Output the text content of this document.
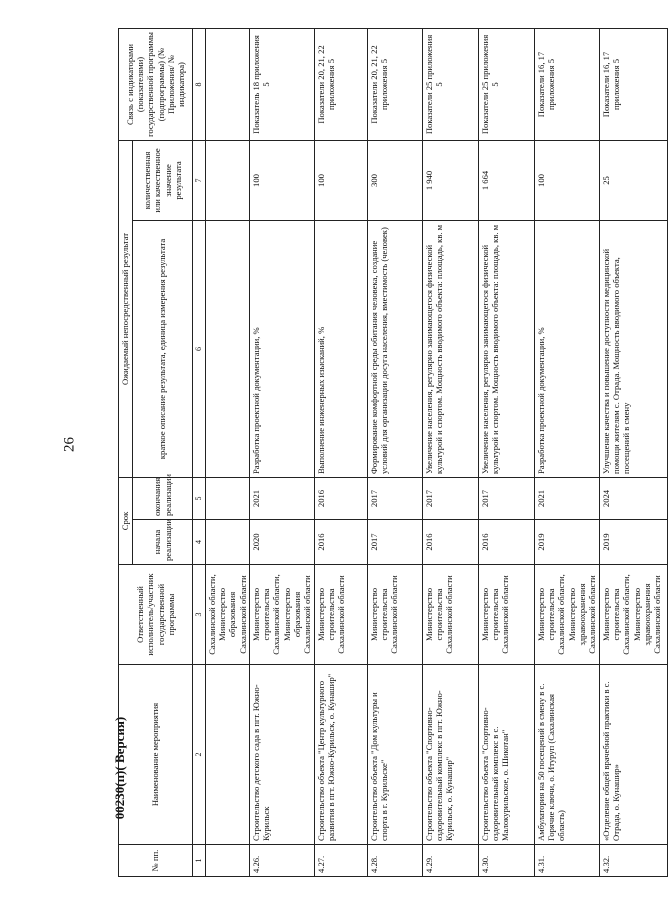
26
00230(п)( Версия)
№ пп.	Наименование мероприятия	Ответственный исполнитель/участник государственной программы	Срок		Ожидаемый непосредственный результат		Связь с индикаторами (показателями) государственной программы (подпрограммы) (№ Приложения/ № индикатора)
			начала реализации	окончания реализации	краткое описание результата, единица измерения результата	количественная или качественное значение результата	
1	2	3	4	5	6	7	8
		Сахалинской области, Министерство образования Сахалинской области					
4.26.	Строительство детского сада в пгт. Южно-Курильск	Министерство строительства Сахалинской области, Министерство образования Сахалинской области	2020	2021	Разработка проектной документации, %	100	Показатель 18 приложения 5
4.27.	Строительство объекта "Центр культурного развития в пгт. Южно-Курильск, о. Кунашир"	Министерство строительства Сахалинской области	2016	2016	Выполнение инженерных изысканий, %	100	Показатели 20, 21, 22 приложения 5
4.28.	Строительство объекта "Дом культуры и спорта в г. Курильске"	Министерство строительства Сахалинской области	2017	2017	Формирование комфортной среды обитания человека, создание условий для организации досуга населения, вместимость (человек)	300	Показатели 20, 21, 22 приложения 5
4.29.	Строительство объекта "Спортивно-оздоровительный комплекс в пгт. Южно-Курильск, о. Кунашир"	Министерство строительства Сахалинской области	2016	2017	Увеличение населения, регулярно занимающегося физической культурой и спортом. Мощность вводимого объекта: площадь, кв. м	1 940	Показатели 25 приложения 5
4.30.	Строительство объекта "Спортивно-оздоровительный комплекс в с. Малокурильское, о. Шикотан"	Министерство строительства Сахалинской области	2016	2017	Увеличение населения, регулярно занимающегося физической культурой и спортом. Мощность вводимого объекта: площадь, кв. м	1 664	Показатели 25 приложения 5
4.31.	Амбулатория на 50 посещений в смену в с. Горячие ключи, о. Итуруп (Сахалинская область)	Министерство строительства Сахалинской области, Министерство здравоохранения Сахалинской области	2019	2021	Разработка проектной документации, %	100	Показатели 16, 17 приложения 5
4.32.	«Отделение общей врачебной практики в с. Отрада, о. Кунашир»	Министерство строительства Сахалинской области, Министерство здравоохранения Сахалинской области	2019	2024	Улучшение качества и повышение доступности медицинской помощи жителям с. Отрада. Мощность вводимого объекта, посещений в смену	25	Показатели 16, 17 приложения 5
